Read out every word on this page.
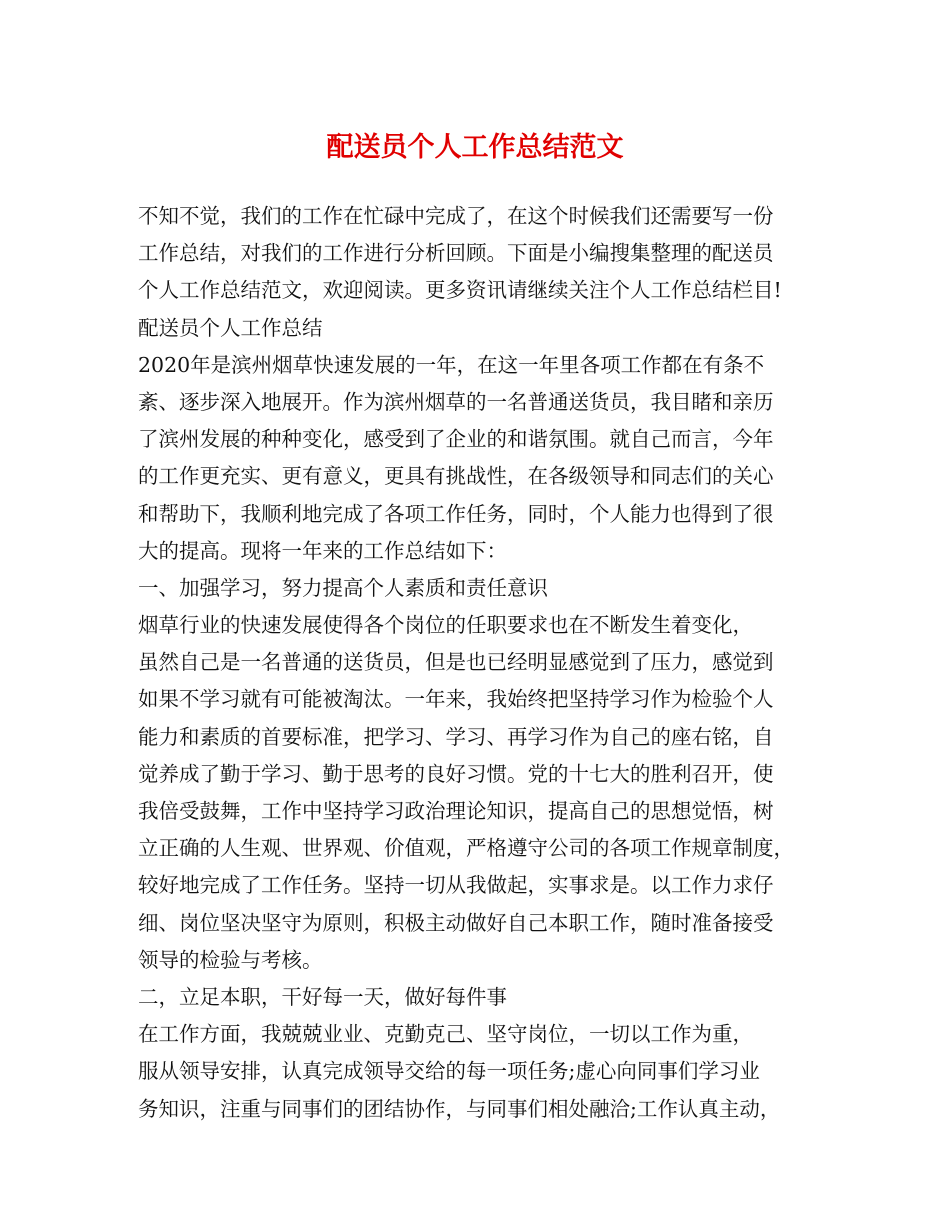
配送员个人工作总结范文

不知不觉，我们的工作在忙碌中完成了，在这个时候我们还需要写一份

工作总结，对我们的工作进行分析回顾。下面是小编搜集整理的配送员

个人工作总结范文，欢迎阅读。更多资讯请继续关注个人工作总结栏目!

配送员个人工作总结

2020年是滨州烟草快速发展的一年，在这一年里各项工作都在有条不

紊、逐步深入地展开。作为滨州烟草的一名普通送货员，我目睹和亲历

了滨州发展的种种变化，感受到了企业的和谐氛围。就自己而言，今年

的工作更充实、更有意义，更具有挑战性，在各级领导和同志们的关心

和帮助下，我顺利地完成了各项工作任务，同时，个人能力也得到了很

大的提高。现将一年来的工作总结如下：

一、加强学习，努力提高个人素质和责任意识

烟草行业的快速发展使得各个岗位的任职要求也在不断发生着变化，

虽然自己是一名普通的送货员，但是也已经明显感觉到了压力，感觉到

如果不学习就有可能被淘汰。一年来，我始终把坚持学习作为检验个人

能力和素质的首要标准，把学习、学习、再学习作为自己的座右铭，自

觉养成了勤于学习、勤于思考的良好习惯。党的十七大的胜利召开，使

我倍受鼓舞，工作中坚持学习政治理论知识，提高自己的思想觉悟，树

立正确的人生观、世界观、价值观，严格遵守公司的各项工作规章制度，

较好地完成了工作任务。坚持一切从我做起，实事求是。以工作力求仔

细、岗位坚决坚守为原则，积极主动做好自己本职工作，随时准备接受

领导的检验与考核。

二，立足本职，干好每一天，做好每件事

在工作方面，我兢兢业业、克勤克己、坚守岗位，一切以工作为重，

服从领导安排，认真完成领导交给的每一项任务;虚心向同事们学习业

务知识，注重与同事们的团结协作，与同事们相处融洽;工作认真主动，
